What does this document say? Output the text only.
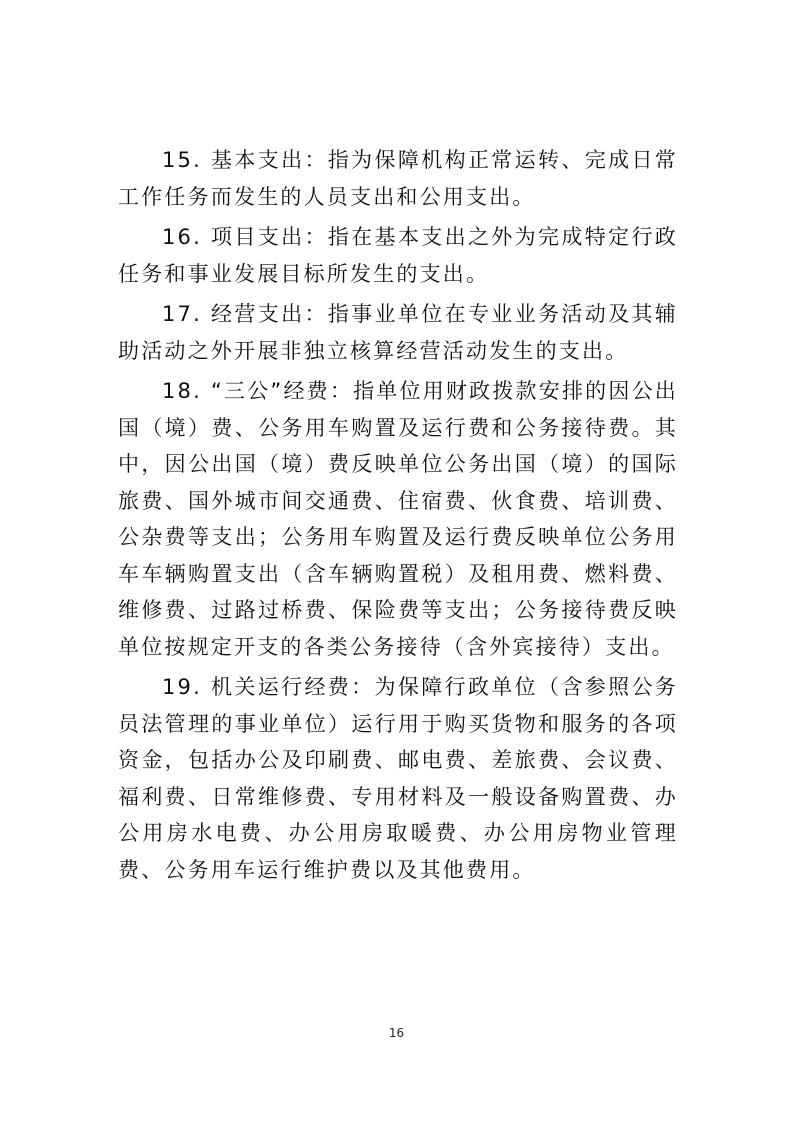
15. 基本支出：指为保障机构正常运转、完成日常工作任务而发生的人员支出和公用支出。

16. 项目支出：指在基本支出之外为完成特定行政任务和事业发展目标所发生的支出。

17. 经营支出：指事业单位在专业业务活动及其辅助活动之外开展非独立核算经营活动发生的支出。

18. “三公”经费：指单位用财政拨款安排的因公出国（境）费、公务用车购置及运行费和公务接待费。其中，因公出国（境）费反映单位公务出国（境）的国际旅费、国外城市间交通费、住宿费、伙食费、培训费、公杂费等支出；公务用车购置及运行费反映单位公务用车车辆购置支出（含车辆购置税）及租用费、燃料费、维修费、过路过桥费、保险费等支出；公务接待费反映单位按规定开支的各类公务接待（含外宾接待）支出。

19. 机关运行经费：为保障行政单位（含参照公务员法管理的事业单位）运行用于购买货物和服务的各项资金，包括办公及印刷费、邮电费、差旅费、会议费、福利费、日常维修费、专用材料及一般设备购置费、办公用房水电费、办公用房取暖费、办公用房物业管理费、公务用车运行维护费以及其他费用。

16
